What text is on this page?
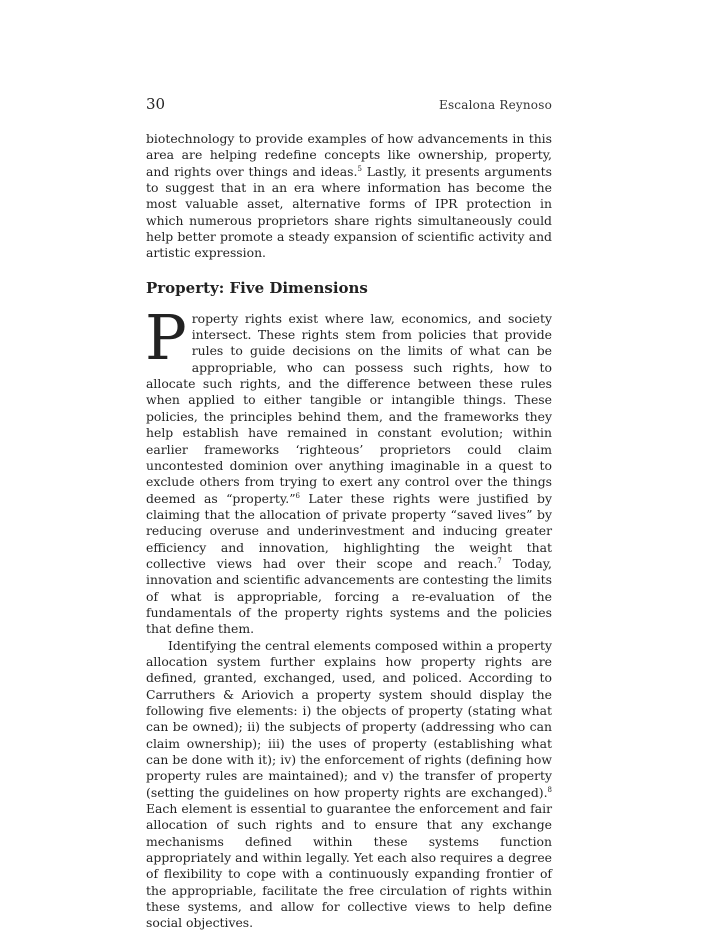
30	Escalona Reynoso

biotechnology to provide examples of how advancements in this area are helping redefine concepts like ownership, property, and rights over things and ideas.$^5$ Lastly, it presents arguments to suggest that in an era where information has become the most valuable asset, alternative forms of IPR protection in which numerous proprietors share rights simultaneously could help better promote a steady expansion of scientific activity and artistic expression.

Property: Five Dimensions

Property rights exist where law, economics, and society intersect. These rights stem from policies that provide rules to guide decisions on the limits of what can be appropriable, who can possess such rights, how to allocate such rights, and the difference between these rules when applied to either tangible or intangible things. These policies, the principles behind them, and the frameworks they help establish have remained in constant evolution; within earlier frameworks ‘righteous’ proprietors could claim uncontested dominion over anything imaginable in a quest to exclude others from trying to exert any control over the things deemed as “property.”$^6$ Later these rights were justified by claiming that the allocation of private property “saved lives” by reducing overuse and underinvestment and inducing greater efficiency and innovation, highlighting the weight that collective views had over their scope and reach.$^7$ Today, innovation and scientific advancements are contesting the limits of what is appropriable, forcing a re-evaluation of the fundamentals of the property rights systems and the policies that define them.

Identifying the central elements composed within a property allocation system further explains how property rights are defined, granted, exchanged, used, and policed. According to Carruthers & Ariovich a property system should display the following five elements: i) the objects of property (stating what can be owned); ii) the subjects of property (addressing who can claim ownership); iii) the uses of property (establishing what can be done with it); iv) the enforcement of rights (defining how property rules are maintained); and v) the transfer of property (setting the guidelines on how property rights are exchanged).$^8$ Each element is essential to guarantee the enforcement and fair allocation of such rights and to ensure that any exchange mechanisms defined within these systems function appropriately and within legally. Yet each also requires a degree of flexibility to cope with a continuously expanding frontier of the appropriable, facilitate the free circulation of rights within these systems, and allow for collective views to help define social objectives.
